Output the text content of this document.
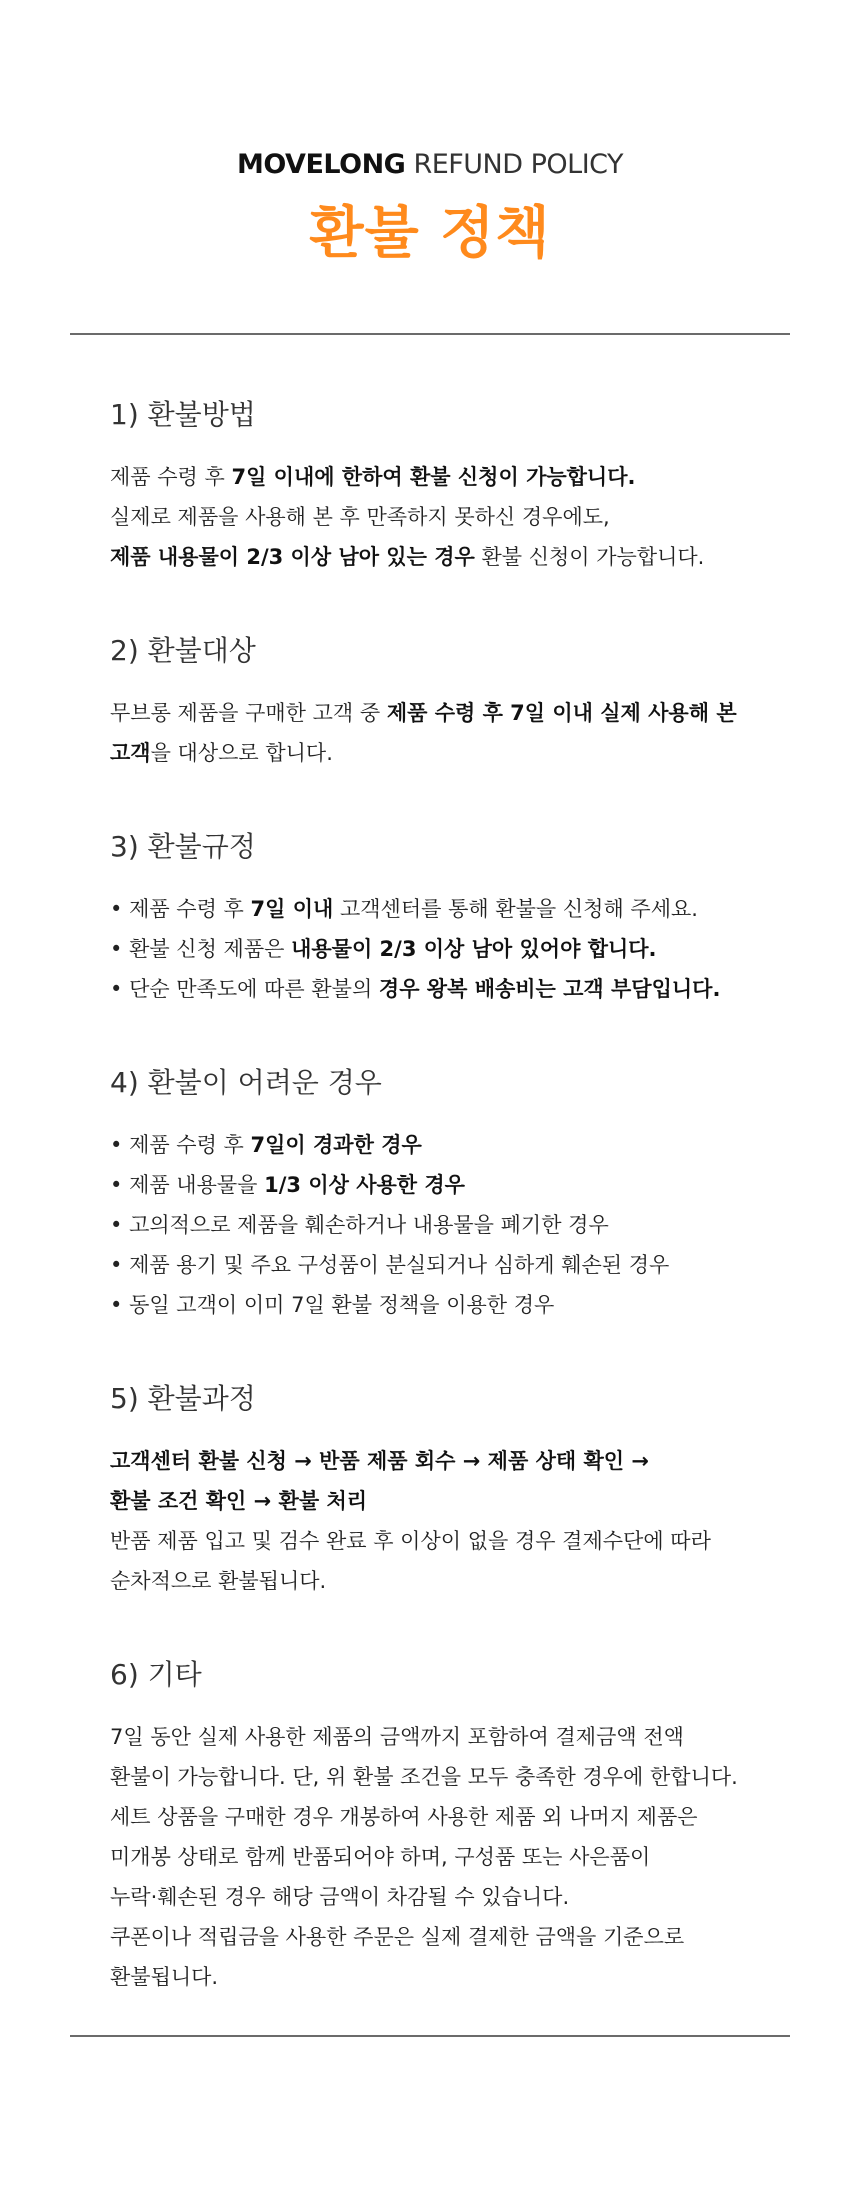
MOVELONG REFUND POLICY
환불 정책
1) 환불방법
제품 수령 후 7일 이내에 한하여 환불 신청이 가능합니다.
실제로 제품을 사용해 본 후 만족하지 못하신 경우에도,
제품 내용물이 2/3 이상 남아 있는 경우 환불 신청이 가능합니다.
2) 환불대상
무브롱 제품을 구매한 고객 중 제품 수령 후 7일 이내 실제 사용해 본
고객을 대상으로 합니다.
3) 환불규정
• 제품 수령 후 7일 이내 고객센터를 통해 환불을 신청해 주세요.
• 환불 신청 제품은 내용물이 2/3 이상 남아 있어야 합니다.
• 단순 만족도에 따른 환불의 경우 왕복 배송비는 고객 부담입니다.
4) 환불이 어려운 경우
• 제품 수령 후 7일이 경과한 경우
• 제품 내용물을 1/3 이상 사용한 경우
• 고의적으로 제품을 훼손하거나 내용물을 폐기한 경우
• 제품 용기 및 주요 구성품이 분실되거나 심하게 훼손된 경우
• 동일 고객이 이미 7일 환불 정책을 이용한 경우
5) 환불과정
고객센터 환불 신청 → 반품 제품 회수 → 제품 상태 확인 →
환불 조건 확인 → 환불 처리
반품 제품 입고 및 검수 완료 후 이상이 없을 경우 결제수단에 따라
순차적으로 환불됩니다.
6) 기타
7일 동안 실제 사용한 제품의 금액까지 포함하여 결제금액 전액
환불이 가능합니다. 단, 위 환불 조건을 모두 충족한 경우에 한합니다.
세트 상품을 구매한 경우 개봉하여 사용한 제품 외 나머지 제품은
미개봉 상태로 함께 반품되어야 하며, 구성품 또는 사은품이
누락·훼손된 경우 해당 금액이 차감될 수 있습니다.
쿠폰이나 적립금을 사용한 주문은 실제 결제한 금액을 기준으로
환불됩니다.
